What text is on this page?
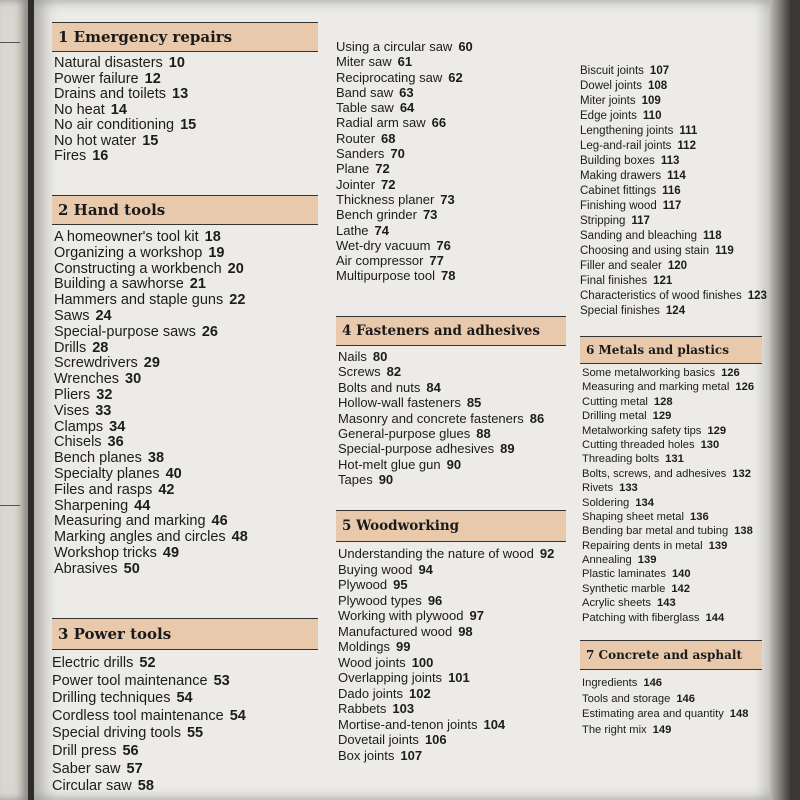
1 Emergency repairs
Natural disasters 10
Power failure 12
Drains and toilets 13
No heat 14
No air conditioning 15
No hot water 15
Fires 16
2 Hand tools
A homeowner's tool kit 18
Organizing a workshop 19
Constructing a workbench 20
Building a sawhorse 21
Hammers and staple guns 22
Saws 24
Special-purpose saws 26
Drills 28
Screwdrivers 29
Wrenches 30
Pliers 32
Vises 33
Clamps 34
Chisels 36
Bench planes 38
Specialty planes 40
Files and rasps 42
Sharpening 44
Measuring and marking 46
Marking angles and circles 48
Workshop tricks 49
Abrasives 50
3 Power tools
Electric drills 52
Power tool maintenance 53
Drilling techniques 54
Cordless tool maintenance 54
Special driving tools 55
Drill press 56
Saber saw 57
Circular saw 58
Using a circular saw 60
Miter saw 61
Reciprocating saw 62
Band saw 63
Table saw 64
Radial arm saw 66
Router 68
Sanders 70
Plane 72
Jointer 72
Thickness planer 73
Bench grinder 73
Lathe 74
Wet-dry vacuum 76
Air compressor 77
Multipurpose tool 78
4 Fasteners and adhesives
Nails 80
Screws 82
Bolts and nuts 84
Hollow-wall fasteners 85
Masonry and concrete fasteners 86
General-purpose glues 88
Special-purpose adhesives 89
Hot-melt glue gun 90
Tapes 90
5 Woodworking
Understanding the nature of wood 92
Buying wood 94
Plywood 95
Plywood types 96
Working with plywood 97
Manufactured wood 98
Moldings 99
Wood joints 100
Overlapping joints 101
Dado joints 102
Rabbets 103
Mortise-and-tenon joints 104
Dovetail joints 106
Box joints 107
Biscuit joints 107
Dowel joints 108
Miter joints 109
Edge joints 110
Lengthening joints 111
Leg-and-rail joints 112
Building boxes 113
Making drawers 114
Cabinet fittings 116
Finishing wood 117
Stripping 117
Sanding and bleaching 118
Choosing and using stain 119
Filler and sealer 120
Final finishes 121
Characteristics of wood finishes 123
Special finishes 124
6 Metals and plastics
Some metalworking basics 126
Measuring and marking metal 126
Cutting metal 128
Drilling metal 129
Metalworking safety tips 129
Cutting threaded holes 130
Threading bolts 131
Bolts, screws, and adhesives 132
Rivets 133
Soldering 134
Shaping sheet metal 136
Bending bar metal and tubing 138
Repairing dents in metal 139
Annealing 139
Plastic laminates 140
Synthetic marble 142
Acrylic sheets 143
Patching with fiberglass 144
7 Concrete and asphalt
Ingredients 146
Tools and storage 146
Estimating area and quantity 148
The right mix 149
